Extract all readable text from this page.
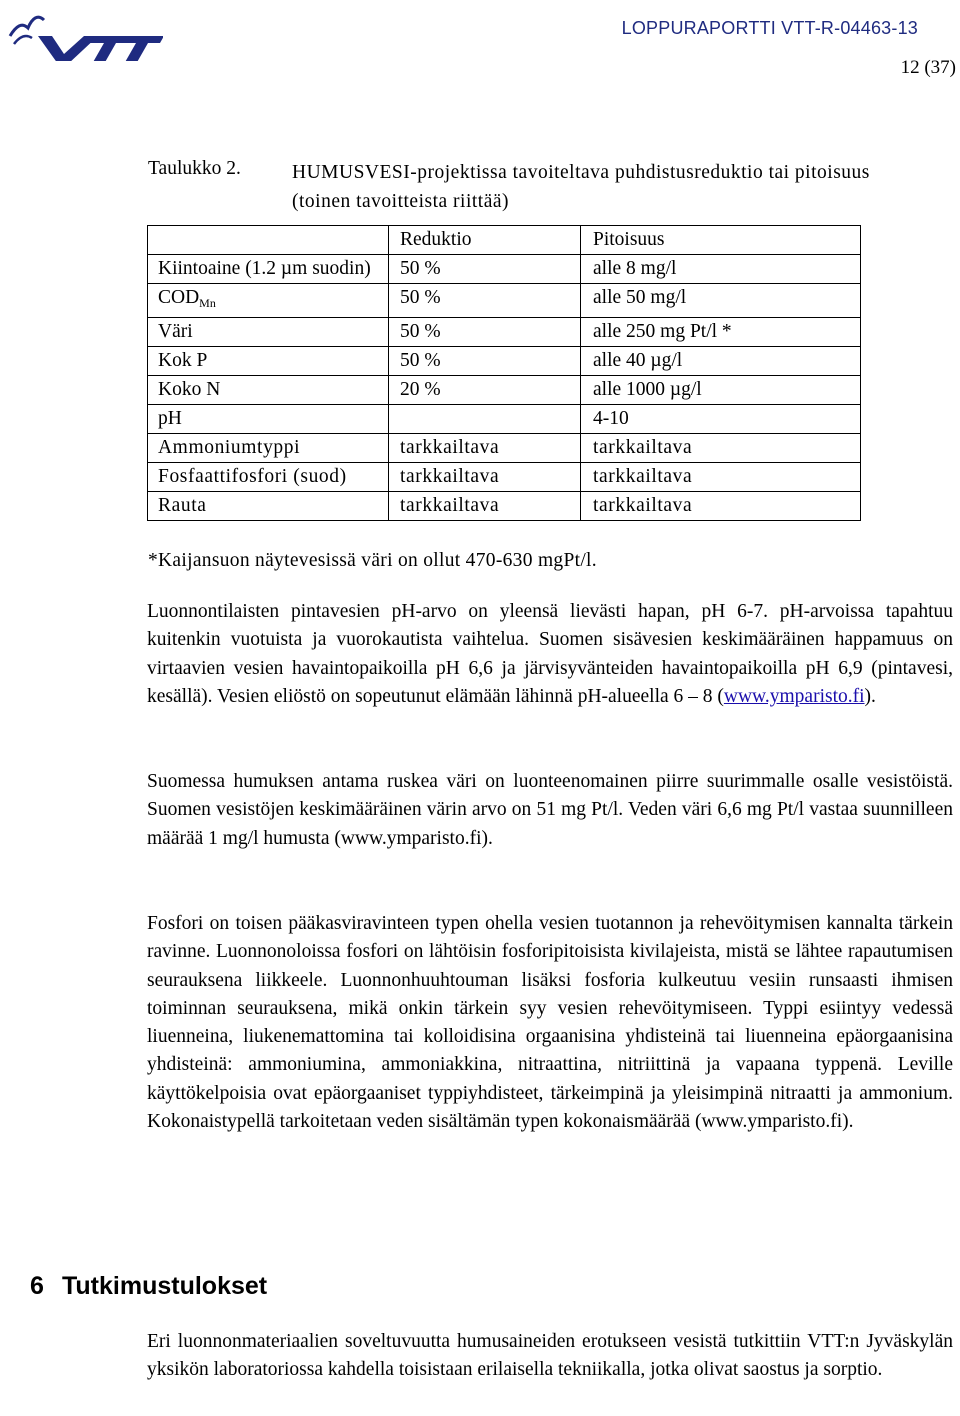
LOPPURAPORTTI VTT-R-04463-13
12 (37)
Taulukko 2.	HUMUSVESI-projektissa tavoiteltava puhdistusreduktio tai pitoisuus (toinen tavoitteista riittää)
	Reduktio	Pitoisuus
Kiintoaine (1.2 µm suodin)	50 %	alle 8 mg/l
$COD_{Mn}$	50 %	alle 50 mg/l
Väri	50 %	alle 250 mg Pt/l *
Kok P	50 %	alle 40 µg/l
Koko N	20 %	alle 1000 µg/l
pH		4-10
Ammoniumtyppi	tarkkailtava	tarkkailtava
Fosfaattifosfori (suod)	tarkkailtava	tarkkailtava
Rauta	tarkkailtava	tarkkailtava
*Kaijansuon näytevesissä väri on ollut 470-630 mgPt/l.
Luonnontilaisten pintavesien pH-arvo on yleensä lievästi hapan, pH 6-7. pH-arvoissa tapahtuu kuitenkin vuotuista ja vuorokautista vaihtelua. Suomen sisävesien keskimääräinen happamuus on virtaavien vesien havaintopaikoilla pH 6,6 ja järvisyvänteiden havaintopaikoilla pH 6,9 (pintavesi, kesällä). Vesien eliöstö on sopeutunut elämään lähinnä pH-alueella 6 – 8 (www.ymparisto.fi).
Suomessa humuksen antama ruskea väri on luonteenomainen piirre suurimmalle osalle vesistöistä. Suomen vesistöjen keskimääräinen värin arvo on 51 mg Pt/l. Veden väri 6,6 mg Pt/l vastaa suunnilleen määrää 1 mg/l humusta (www.ymparisto.fi).
Fosfori on toisen pääkasviravinteen typen ohella vesien tuotannon ja rehevöitymisen kannalta tärkein ravinne. Luonnonoloissa fosfori on lähtöisin fosforipitoisista kivilajeista, mistä se lähtee rapautumisen seurauksena liikkeele. Luonnonhuuhtouman lisäksi fosforia kulkeutuu vesiin runsaasti ihmisen toiminnan seurauksena, mikä onkin tärkein syy vesien rehevöitymiseen. Typpi esiintyy vedessä liuenneina, liukenemattomina tai kolloidisina orgaanisina yhdisteinä tai liuenneina epäorgaanisina yhdisteinä: ammoniumina, ammoniakkina, nitraattina, nitriittinä ja vapaana typpenä. Leville käyttökelpoisia ovat epäorgaaniset typpiyhdisteet, tärkeimpinä ja yleisimpinä nitraatti ja ammonium. Kokonaistypellä tarkoitetaan veden sisältämän typen kokonaismäärää (www.ymparisto.fi).
6 Tutkimustulokset
Eri luonnonmateriaalien soveltuvuutta humusaineiden erotukseen vesistä tutkittiin VTT:n Jyväskylän yksikön laboratoriossa kahdella toisistaan erilaisella tekniikalla, jotka olivat saostus ja sorptio.
